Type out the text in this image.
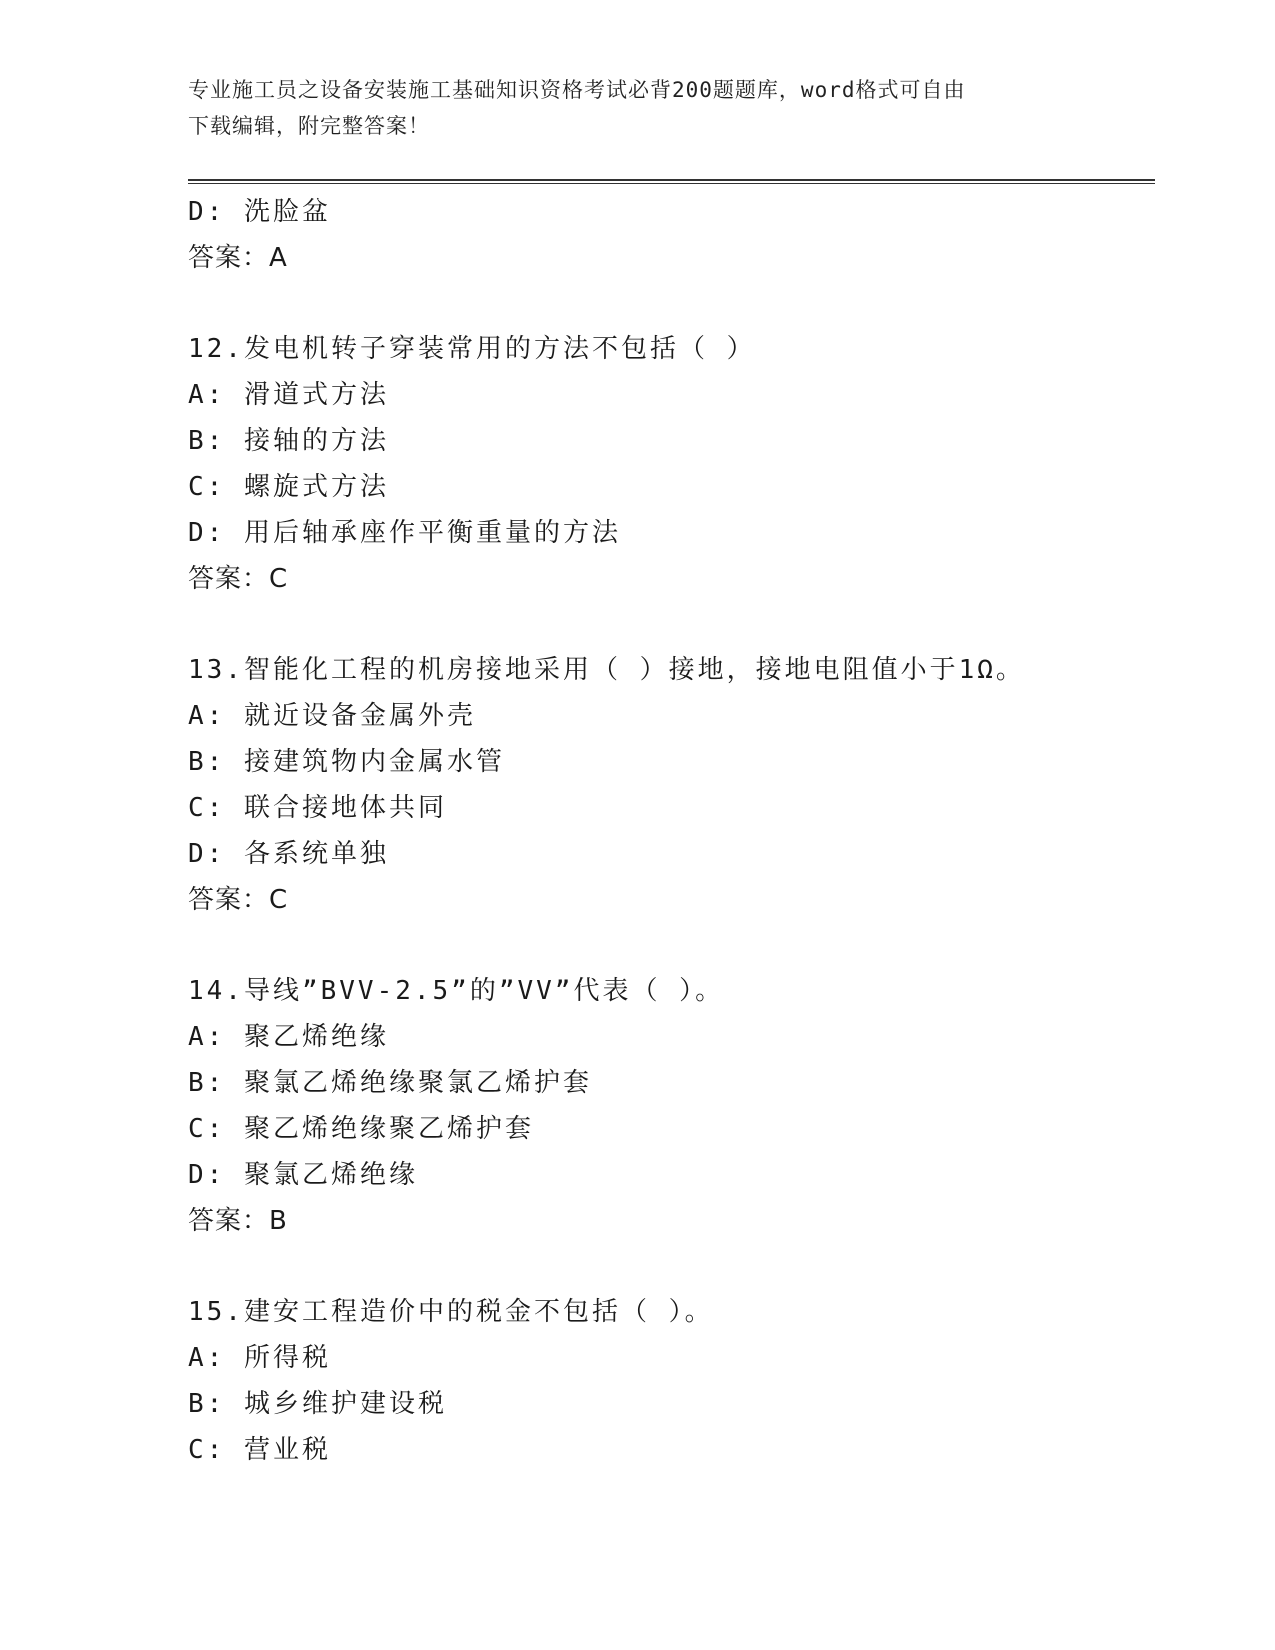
专业施工员之设备安装施工基础知识资格考试必背200题题库，word格式可自由
下载编辑，附完整答案！
D: 洗脸盆
答案：A
12.发电机转子穿装常用的方法不包括（ ）
A: 滑道式方法
B: 接轴的方法
C: 螺旋式方法
D: 用后轴承座作平衡重量的方法
答案：C
13.智能化工程的机房接地采用（ ）接地，接地电阻值小于1Ω。
A: 就近设备金属外壳
B: 接建筑物内金属水管
C: 联合接地体共同
D: 各系统单独
答案：C
14.导线”BVV-2.5”的”VV”代表（ ）。
A: 聚乙烯绝缘
B: 聚氯乙烯绝缘聚氯乙烯护套
C: 聚乙烯绝缘聚乙烯护套
D: 聚氯乙烯绝缘
答案：B
15.建安工程造价中的税金不包括（ ）。
A: 所得税
B: 城乡维护建设税
C: 营业税
